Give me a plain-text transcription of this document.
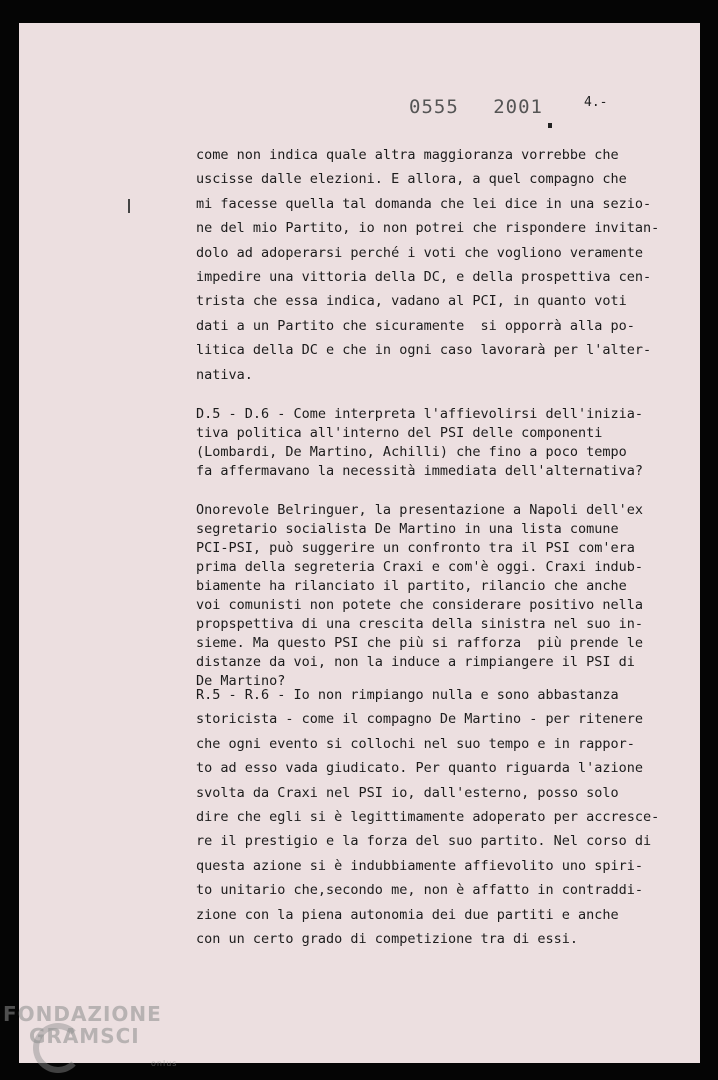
0555 2001	4.-
come non indica quale altra maggioranza vorrebbe che
uscisse dalle elezioni. E allora, a quel compagno che
mi facesse quella tal domanda che lei dice in una sezio-
ne del mio Partito, io non potrei che rispondere invitan-
dolo ad adoperarsi perché i voti che vogliono veramente
impedire una vittoria della DC, e della prospettiva cen-
trista che essa indica, vadano al PCI, in quanto voti
dati a un Partito che sicuramente  si opporrà alla po-
litica della DC e che in ogni caso lavorarà per l'alter-
nativa.
D.5 - D.6 - Come interpreta l'affievolirsi dell'inizia-
tiva politica all'interno del PSI delle componenti
(Lombardi, De Martino, Achilli) che fino a poco tempo
fa affermavano la necessità immediata dell'alternativa?
Onorevole Belringuer, la presentazione a Napoli dell'ex
segretario socialista De Martino in una lista comune
PCI-PSI, può suggerire un confronto tra il PSI com'era
prima della segreteria Craxi e com'è oggi. Craxi indub-
biamente ha rilanciato il partito, rilancio che anche
voi comunisti non potete che considerare positivo nella
propspettiva di una crescita della sinistra nel suo in-
sieme. Ma questo PSI che più si rafforza  più prende le
distanze da voi, non la induce a rimpiangere il PSI di
De Martino?
R.5 - R.6 - Io non rimpiango nulla e sono abbastanza
storicista - come il compagno De Martino - per ritenere
che ogni evento si collochi nel suo tempo e in rappor-
to ad esso vada giudicato. Per quanto riguarda l'azione
svolta da Craxi nel PSI io, dall'esterno, posso solo
dire che egli si è legittimamente adoperato per accresce-
re il prestigio e la forza del suo partito. Nel corso di
questa azione si è indubbiamente affievolito uno spiri-
to unitario che,secondo me, non è affatto in contraddi-
zione con la piena autonomia dei due partiti e anche
con un certo grado di competizione tra di essi.
FONDAZIONE
GRAMSCI
onlus
